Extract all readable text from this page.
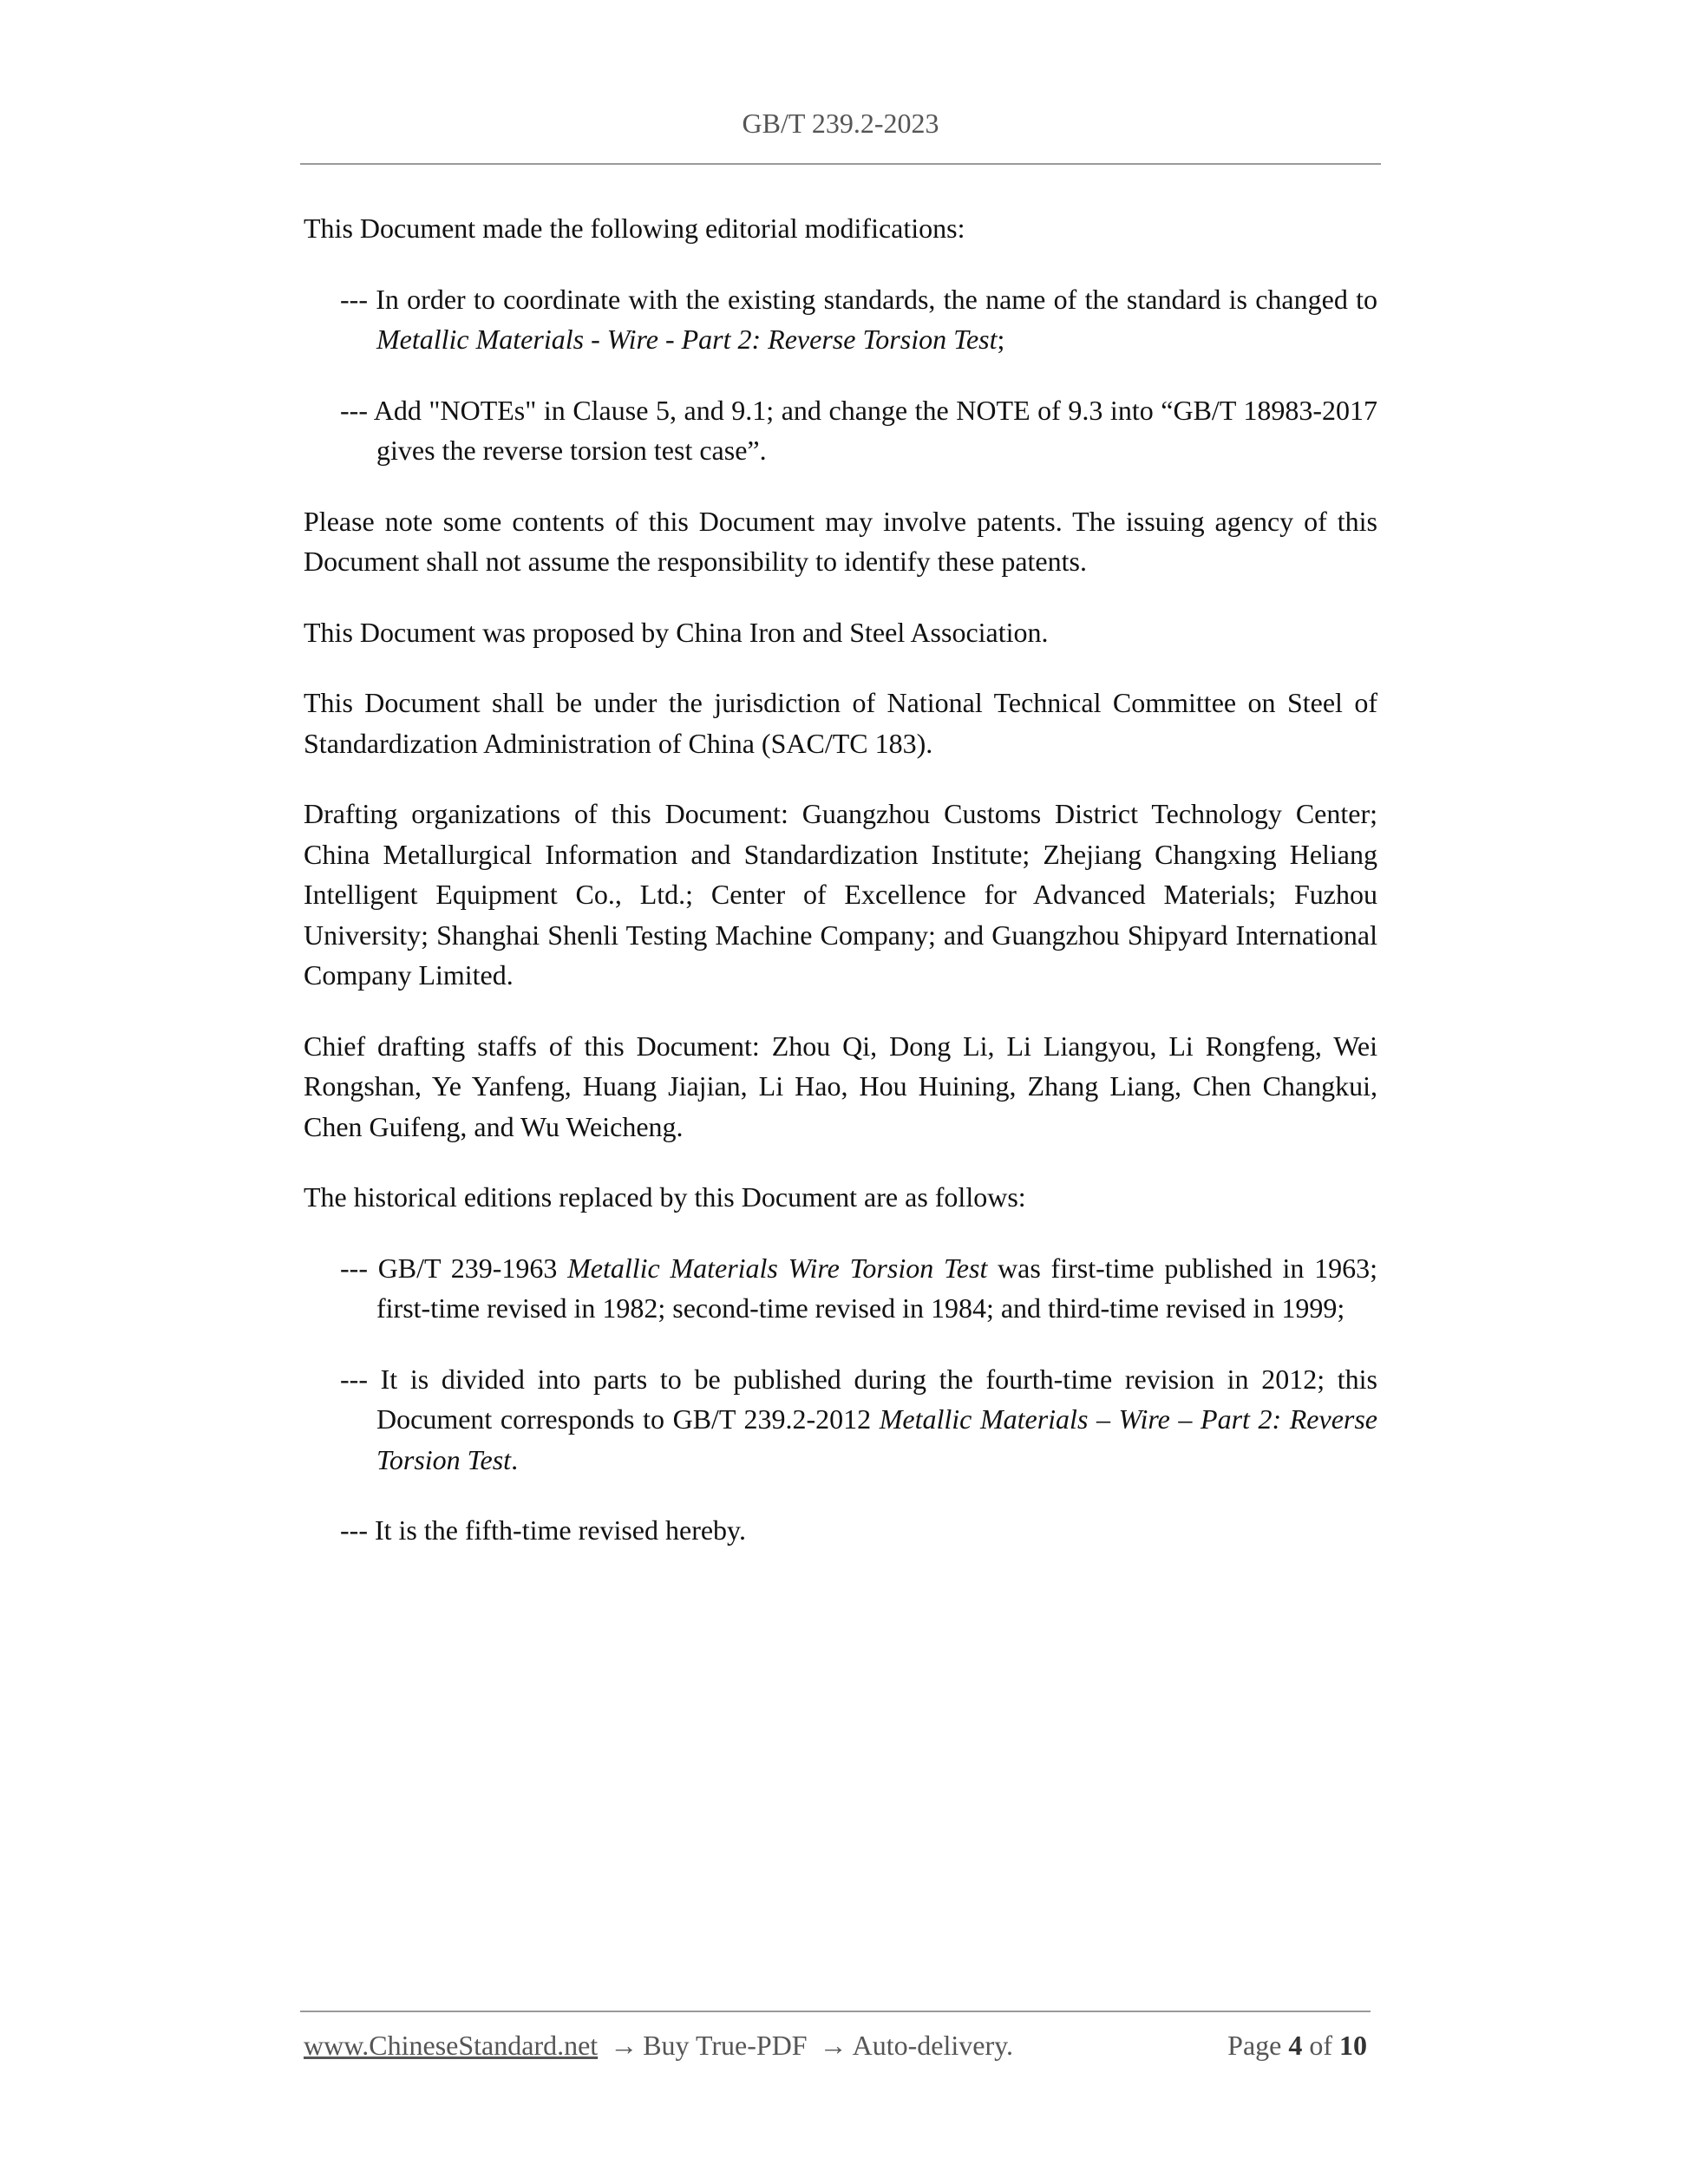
GB/T 239.2-2023

This Document made the following editorial modifications:

--- In order to coordinate with the existing standards, the name of the standard is changed to Metallic Materials - Wire - Part 2: Reverse Torsion Test;

--- Add "NOTEs" in Clause 5, and 9.1; and change the NOTE of 9.3 into “GB/T 18983-2017 gives the reverse torsion test case”.

Please note some contents of this Document may involve patents. The issuing agency of this Document shall not assume the responsibility to identify these patents.

This Document was proposed by China Iron and Steel Association.

This Document shall be under the jurisdiction of National Technical Committee on Steel of Standardization Administration of China (SAC/TC 183).

Drafting organizations of this Document: Guangzhou Customs District Technology Center; China Metallurgical Information and Standardization Institute; Zhejiang Changxing Heliang Intelligent Equipment Co., Ltd.; Center of Excellence for Advanced Materials; Fuzhou University; Shanghai Shenli Testing Machine Company; and Guangzhou Shipyard International Company Limited.

Chief drafting staffs of this Document: Zhou Qi, Dong Li, Li Liangyou, Li Rongfeng, Wei Rongshan, Ye Yanfeng, Huang Jiajian, Li Hao, Hou Huining, Zhang Liang, Chen Changkui, Chen Guifeng, and Wu Weicheng.

The historical editions replaced by this Document are as follows:

--- GB/T 239-1963 Metallic Materials Wire Torsion Test was first-time published in 1963; first-time revised in 1982; second-time revised in 1984; and third-time revised in 1999;

--- It is divided into parts to be published during the fourth-time revision in 2012; this Document corresponds to GB/T 239.2-2012 Metallic Materials – Wire – Part 2: Reverse Torsion Test.

--- It is the fifth-time revised hereby.

www.ChineseStandard.net → Buy True-PDF → Auto-delivery.	Page 4 of 10
